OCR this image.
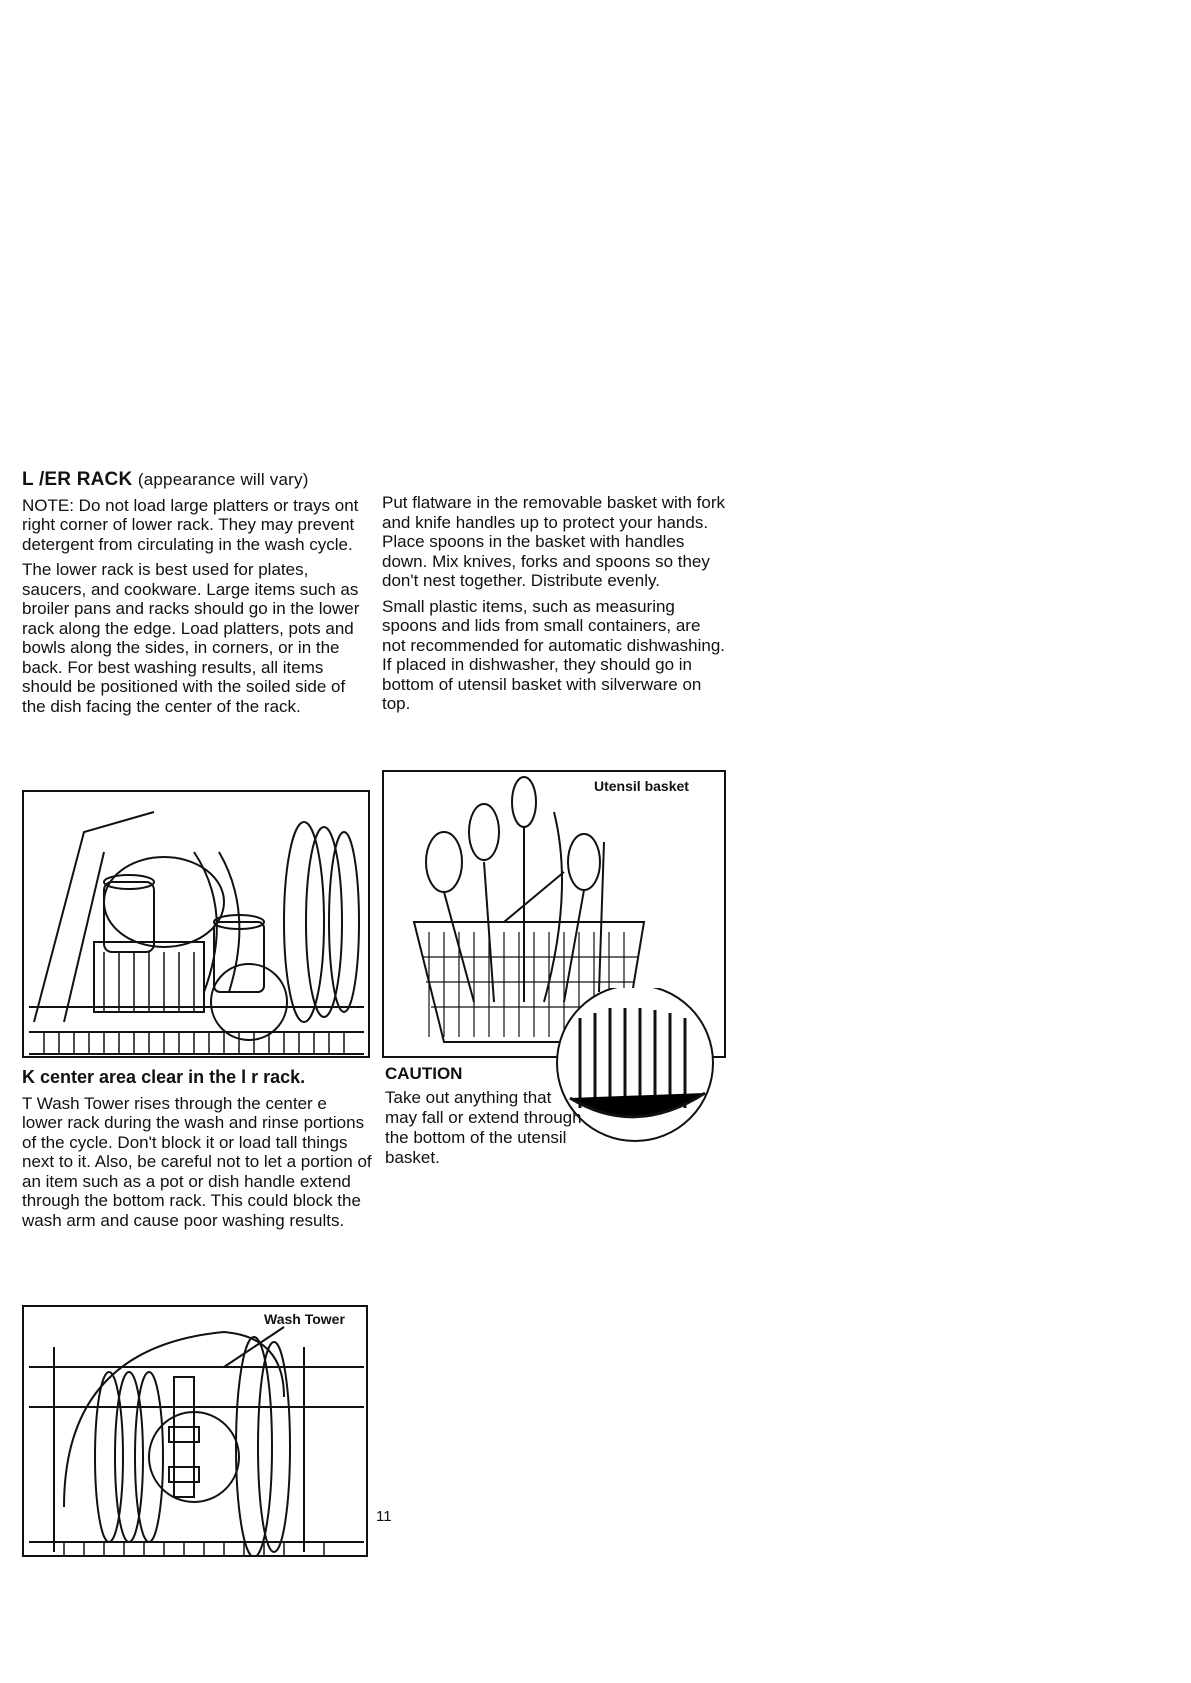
L /ER RACK (appearance will vary)

NOTE: Do not load large platters or trays ont right corner of lower rack. They may prevent detergent from circulating in the wash cycle.

The lower rack is best used for plates, saucers, and cookware. Large items such as broiler pans and racks should go in the lower rack along the edge. Load platters, pots and bowls along the sides, in corners, or in the back. For best washing results, all items should be positioned with the soiled side of the dish facing the center of the rack.

K center area clear in the l r rack.

T Wash Tower rises through the center e lower rack during the wash and rinse portions of the cycle. Don't block it or load tall things next to it. Also, be careful not to let a portion of an item such as a pot or dish handle extend through the bottom rack. This could block the wash arm and cause poor washing results.

Wash Tower

Put flatware in the removable basket with fork and knife handles up to protect your hands. Place spoons in the basket with handles down. Mix knives, forks and spoons so they don't nest together. Distribute evenly.

Small plastic items, such as measuring spoons and lids from small containers, are not recommended for automatic dishwashing. If placed in dishwasher, they should go in bottom of utensil basket with silverware on top.

Utensil basket

CAUTION

Take out anything that may fall or extend through the bottom of the utensil basket.

11
